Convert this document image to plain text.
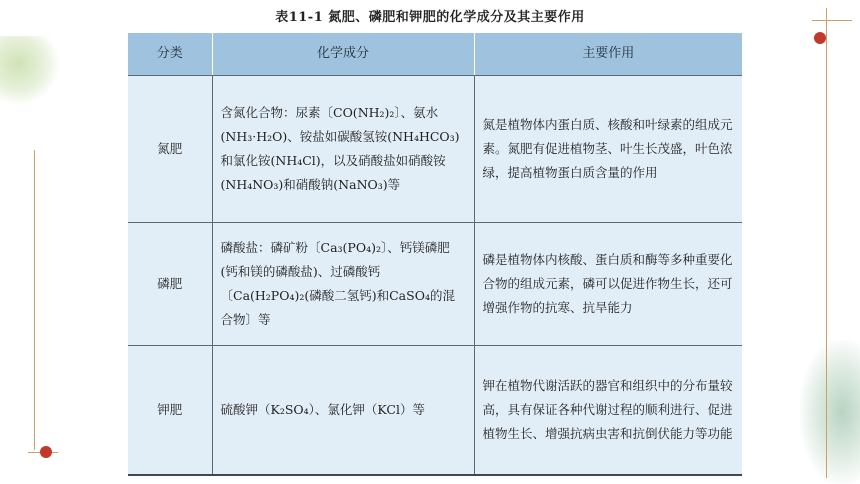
表11-1 氮肥、磷肥和钾肥的化学成分及其主要作用
分类	化学成分	主要作用
氮肥	含氮化合物：尿素〔CO(NH₂)₂〕、氨水(NH₃·H₂O)、铵盐如碳酸氢铵(NH₄HCO₃)和氯化铵(NH₄Cl)，以及硝酸盐如硝酸铵(NH₄NO₃)和硝酸钠(NaNO₃)等	氮是植物体内蛋白质、核酸和叶绿素的组成元素。氮肥有促进植物茎、叶生长茂盛，叶色浓绿，提高植物蛋白质含量的作用
磷肥	磷酸盐：磷矿粉〔Ca₃(PO₄)₂〕、钙镁磷肥(钙和镁的磷酸盐)、过磷酸钙〔Ca(H₂PO₄)₂(磷酸二氢钙)和CaSO₄的混合物〕等	磷是植物体内核酸、蛋白质和酶等多种重要化合物的组成元素，磷可以促进作物生长，还可增强作物的抗寒、抗旱能力
钾肥	硫酸钾（K₂SO₄）、氯化钾（KCl）等	钾在植物代谢活跃的器官和组织中的分布量较高，具有保证各种代谢过程的顺利进行、促进植物生长、增强抗病虫害和抗倒伏能力等功能
